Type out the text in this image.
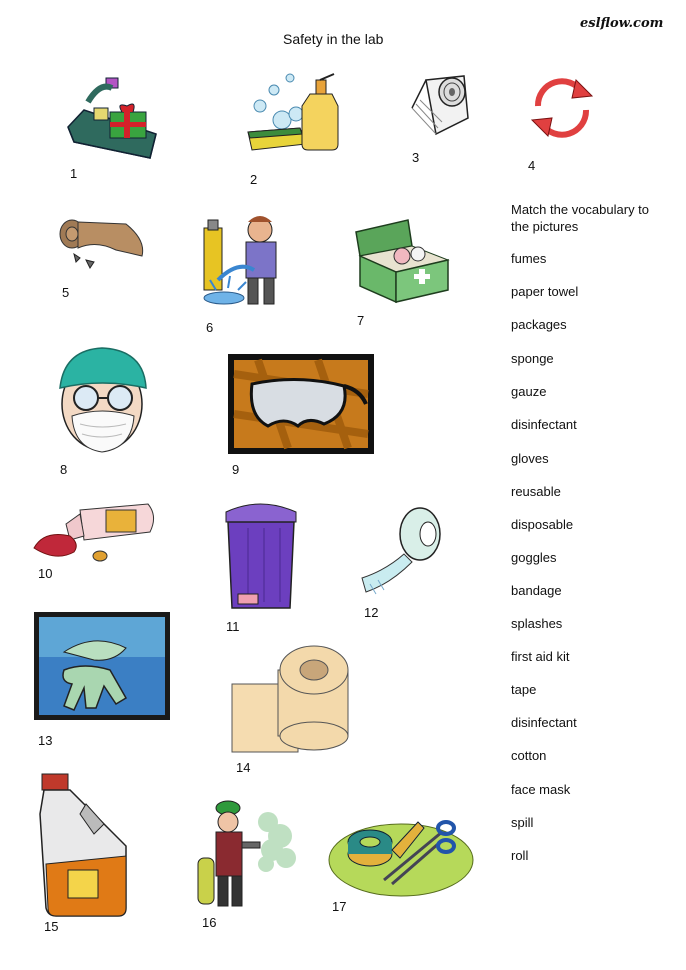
eslflow.com
Safety in the lab
1	2
3
4
5
6	7
8	9
10
11
12
13
14
15	16
17
Match the vocabulary to the pictures
fumes
paper towel
packages
sponge
gauze
disinfectant
gloves
reusable
disposable
goggles
bandage
splashes
first aid kit
tape
disinfectant
cotton
face mask
spill
roll
